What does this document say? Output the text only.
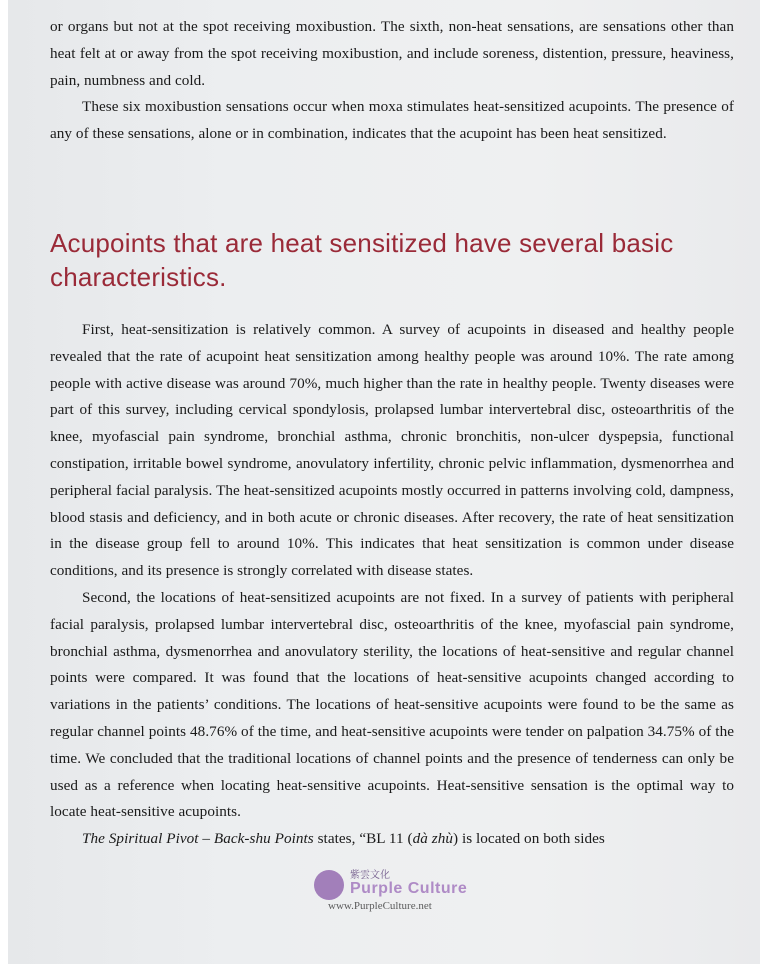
or organs but not at the spot receiving moxibustion. The sixth, non-heat sensations, are sensations other than heat felt at or away from the spot receiving moxibustion, and include soreness, distention, pressure, heaviness, pain, numbness and cold.

These six moxibustion sensations occur when moxa stimulates heat-sensitized acupoints. The presence of any of these sensations, alone or in combination, indicates that the acupoint has been heat sensitized.

Acupoints that are heat sensitized have several basic characteristics.

First, heat-sensitization is relatively common. A survey of acupoints in diseased and healthy people revealed that the rate of acupoint heat sensitization among healthy people was around 10%. The rate among people with active disease was around 70%, much higher than the rate in healthy people. Twenty diseases were part of this survey, including cervical spondylosis, prolapsed lumbar intervertebral disc, osteoarthritis of the knee, myofascial pain syndrome, bronchial asthma, chronic bronchitis, non-ulcer dyspepsia, functional constipation, irritable bowel syndrome, anovulatory infertility, chronic pelvic inflammation, dysmenorrhea and peripheral facial paralysis. The heat-sensitized acupoints mostly occurred in patterns involving cold, dampness, blood stasis and deficiency, and in both acute or chronic diseases. After recovery, the rate of heat sensitization in the disease group fell to around 10%. This indicates that heat sensitization is common under disease conditions, and its presence is strongly correlated with disease states.

Second, the locations of heat-sensitized acupoints are not fixed. In a survey of patients with peripheral facial paralysis, prolapsed lumbar intervertebral disc, osteoarthritis of the knee, myofascial pain syndrome, bronchial asthma, dysmenorrhea and anovulatory sterility, the locations of heat-sensitive and regular channel points were compared. It was found that the locations of heat-sensitive acupoints changed according to variations in the patients’ conditions. The locations of heat-sensitive acupoints were found to be the same as regular channel points 48.76% of the time, and heat-sensitive acupoints were tender on palpation 34.75% of the time. We concluded that the traditional locations of channel points and the presence of tenderness can only be used as a reference when locating heat-sensitive acupoints. Heat-sensitive sensation is the optimal way to locate heat-sensitive acupoints.

The Spiritual Pivot – Back-shu Points states, “BL 11 (dà zhù) is located on both sides

紫雲文化
Purple Culture
www.PurpleCulture.net
